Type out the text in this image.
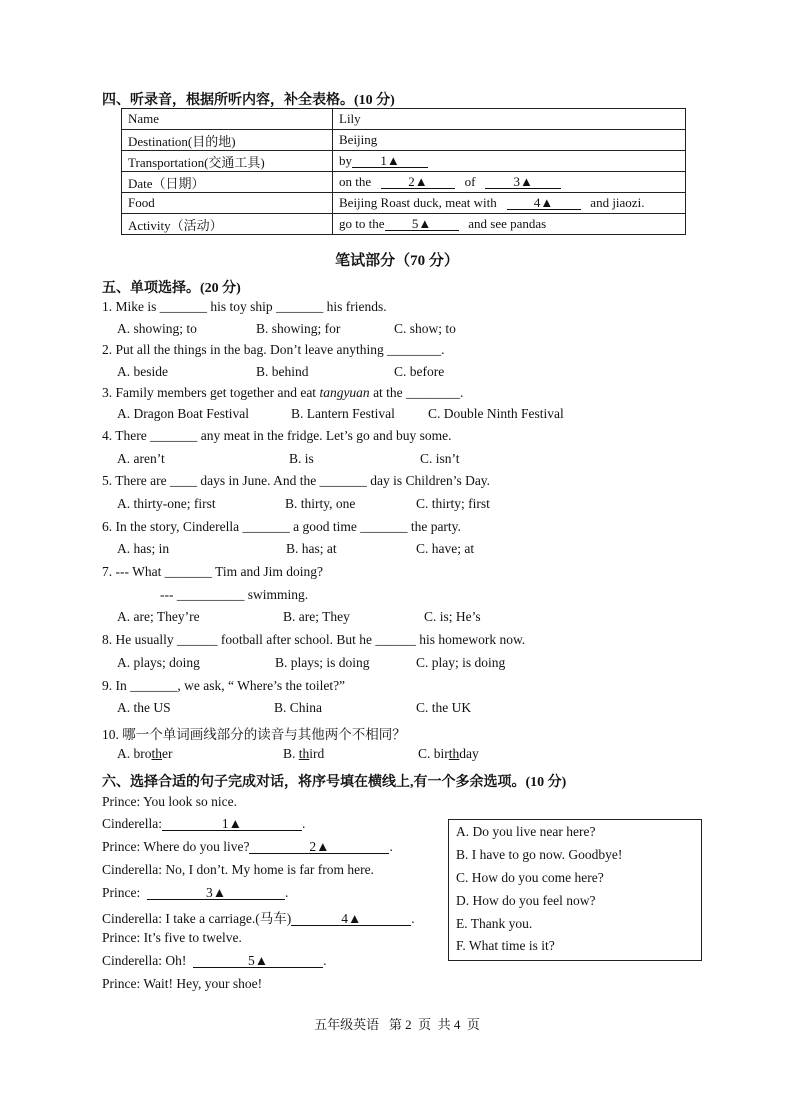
四、听录音，根据所听内容，补全表格。(10 分)
Name	Lily
Destination(目的地)	Beijing
Transportation(交通工具)	by 1▲
Date（日期）	on the 2▲ of 3▲
Food	Beijing Roast duck, meat with 4▲ and jiaozi.
Activity（活动）	go to the 5▲ and see pandas
笔试部分（70 分）
五、单项选择。(20 分)
1. Mike is _______ his toy ship _______ his friends.
A. showing; to	B. showing; for	C. show; to
2. Put all the things in the bag. Don’t leave anything ________.
A. beside	B. behind	C. before
3. Family members get together and eat tangyuan at the ________.
A. Dragon Boat Festival	B. Lantern Festival C. Double Ninth Festival
4. There _______ any meat in the fridge. Let’s go and buy some.
A. aren’t	B. is	C. isn’t
5. There are ____ days in June. And the _______ day is Children’s Day.
A. thirty-one; first	B. thirty, one	C. thirty; first
6. In the story, Cinderella _______ a good time _______ the party.
A. has; in	B. has; at	C. have; at
7. --- What _______ Tim and Jim doing?
--- __________ swimming.
A. are; They’re	B. are; They	C. is; He’s
8. He usually ______ football after school. But he ______ his homework now.
A. plays; doing	B. plays; is doing	C. play; is doing
9. In _______, we ask, “ Where’s the toilet?”
A. the US	B. China	C. the UK
10. 哪一个单词画线部分的读音与其他两个不相同？
A. brother	B. third	C. birthday
六、选择合适的句子完成对话，将序号填在横线上,有一个多余选项。(10 分)
Prince: You look so nice.
Cinderella:	1▲	.
Prince: Where do you live?	2▲	.
Cinderella: No, I don’t. My home is far from here.
Prince:	3▲	.
Cinderella: I take a carriage.(马车)	4▲	.
Prince: It’s five to twelve.
Cinderella: Oh!	5▲	.
Prince: Wait! Hey, your shoe!
A. Do you live near here?
B. I have to go now. Goodbye!
C. How do you come here?
D. How do you feel now?
E. Thank you.
F. What time is it?
五年级英语   第 2  页  共 4  页
